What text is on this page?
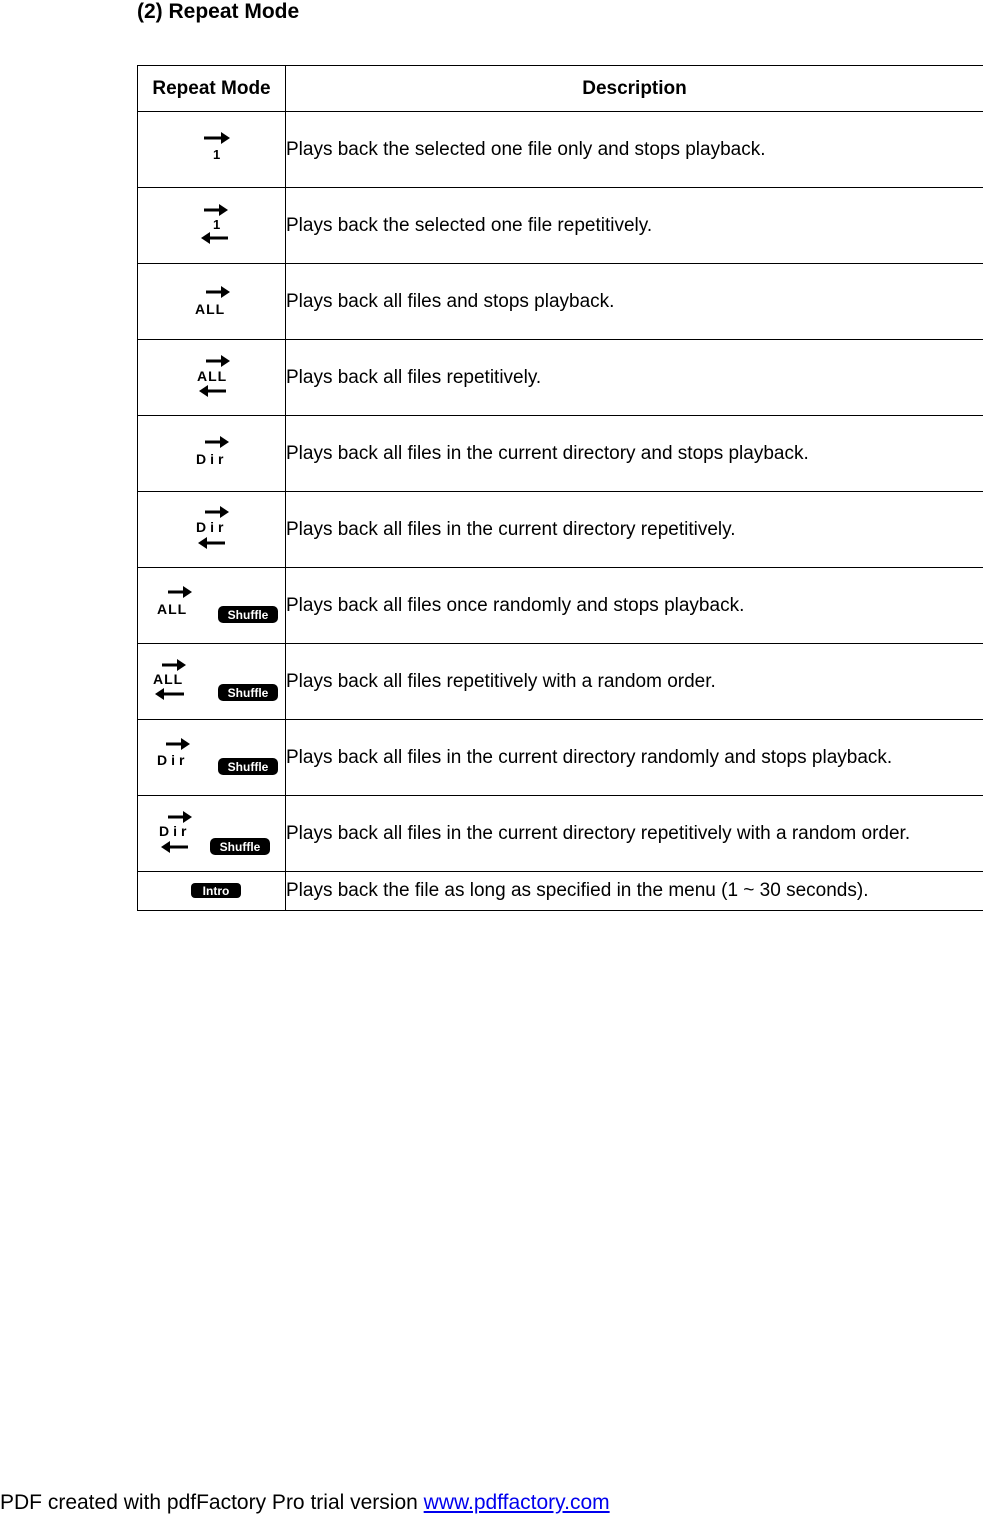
(2) Repeat Mode
Repeat Mode	Description

1	Plays back the selected one file only and stops playback.

1	Plays back the selected one file repetitively.

ALL	Plays back all files and stops playback.

ALL	Plays back all files repetitively.

Dir	Plays back all files in the current directory and stops playback.

Dir	Plays back all files in the current directory repetitively.

ALL Shuffle	Plays back all files once randomly and stops playback.

ALL
Shuffle	Plays back all files repetitively with a random order.

Dir Shuffle	Plays back all files in the current directory randomly and stops playback.

Dir
Shuffle	Plays back all files in the current directory repetitively with a random order.

Intro	Plays back the file as long as specified in the menu (1 ~ 30 seconds).
PDF created with pdfFactory Pro trial version www.pdffactory.com
